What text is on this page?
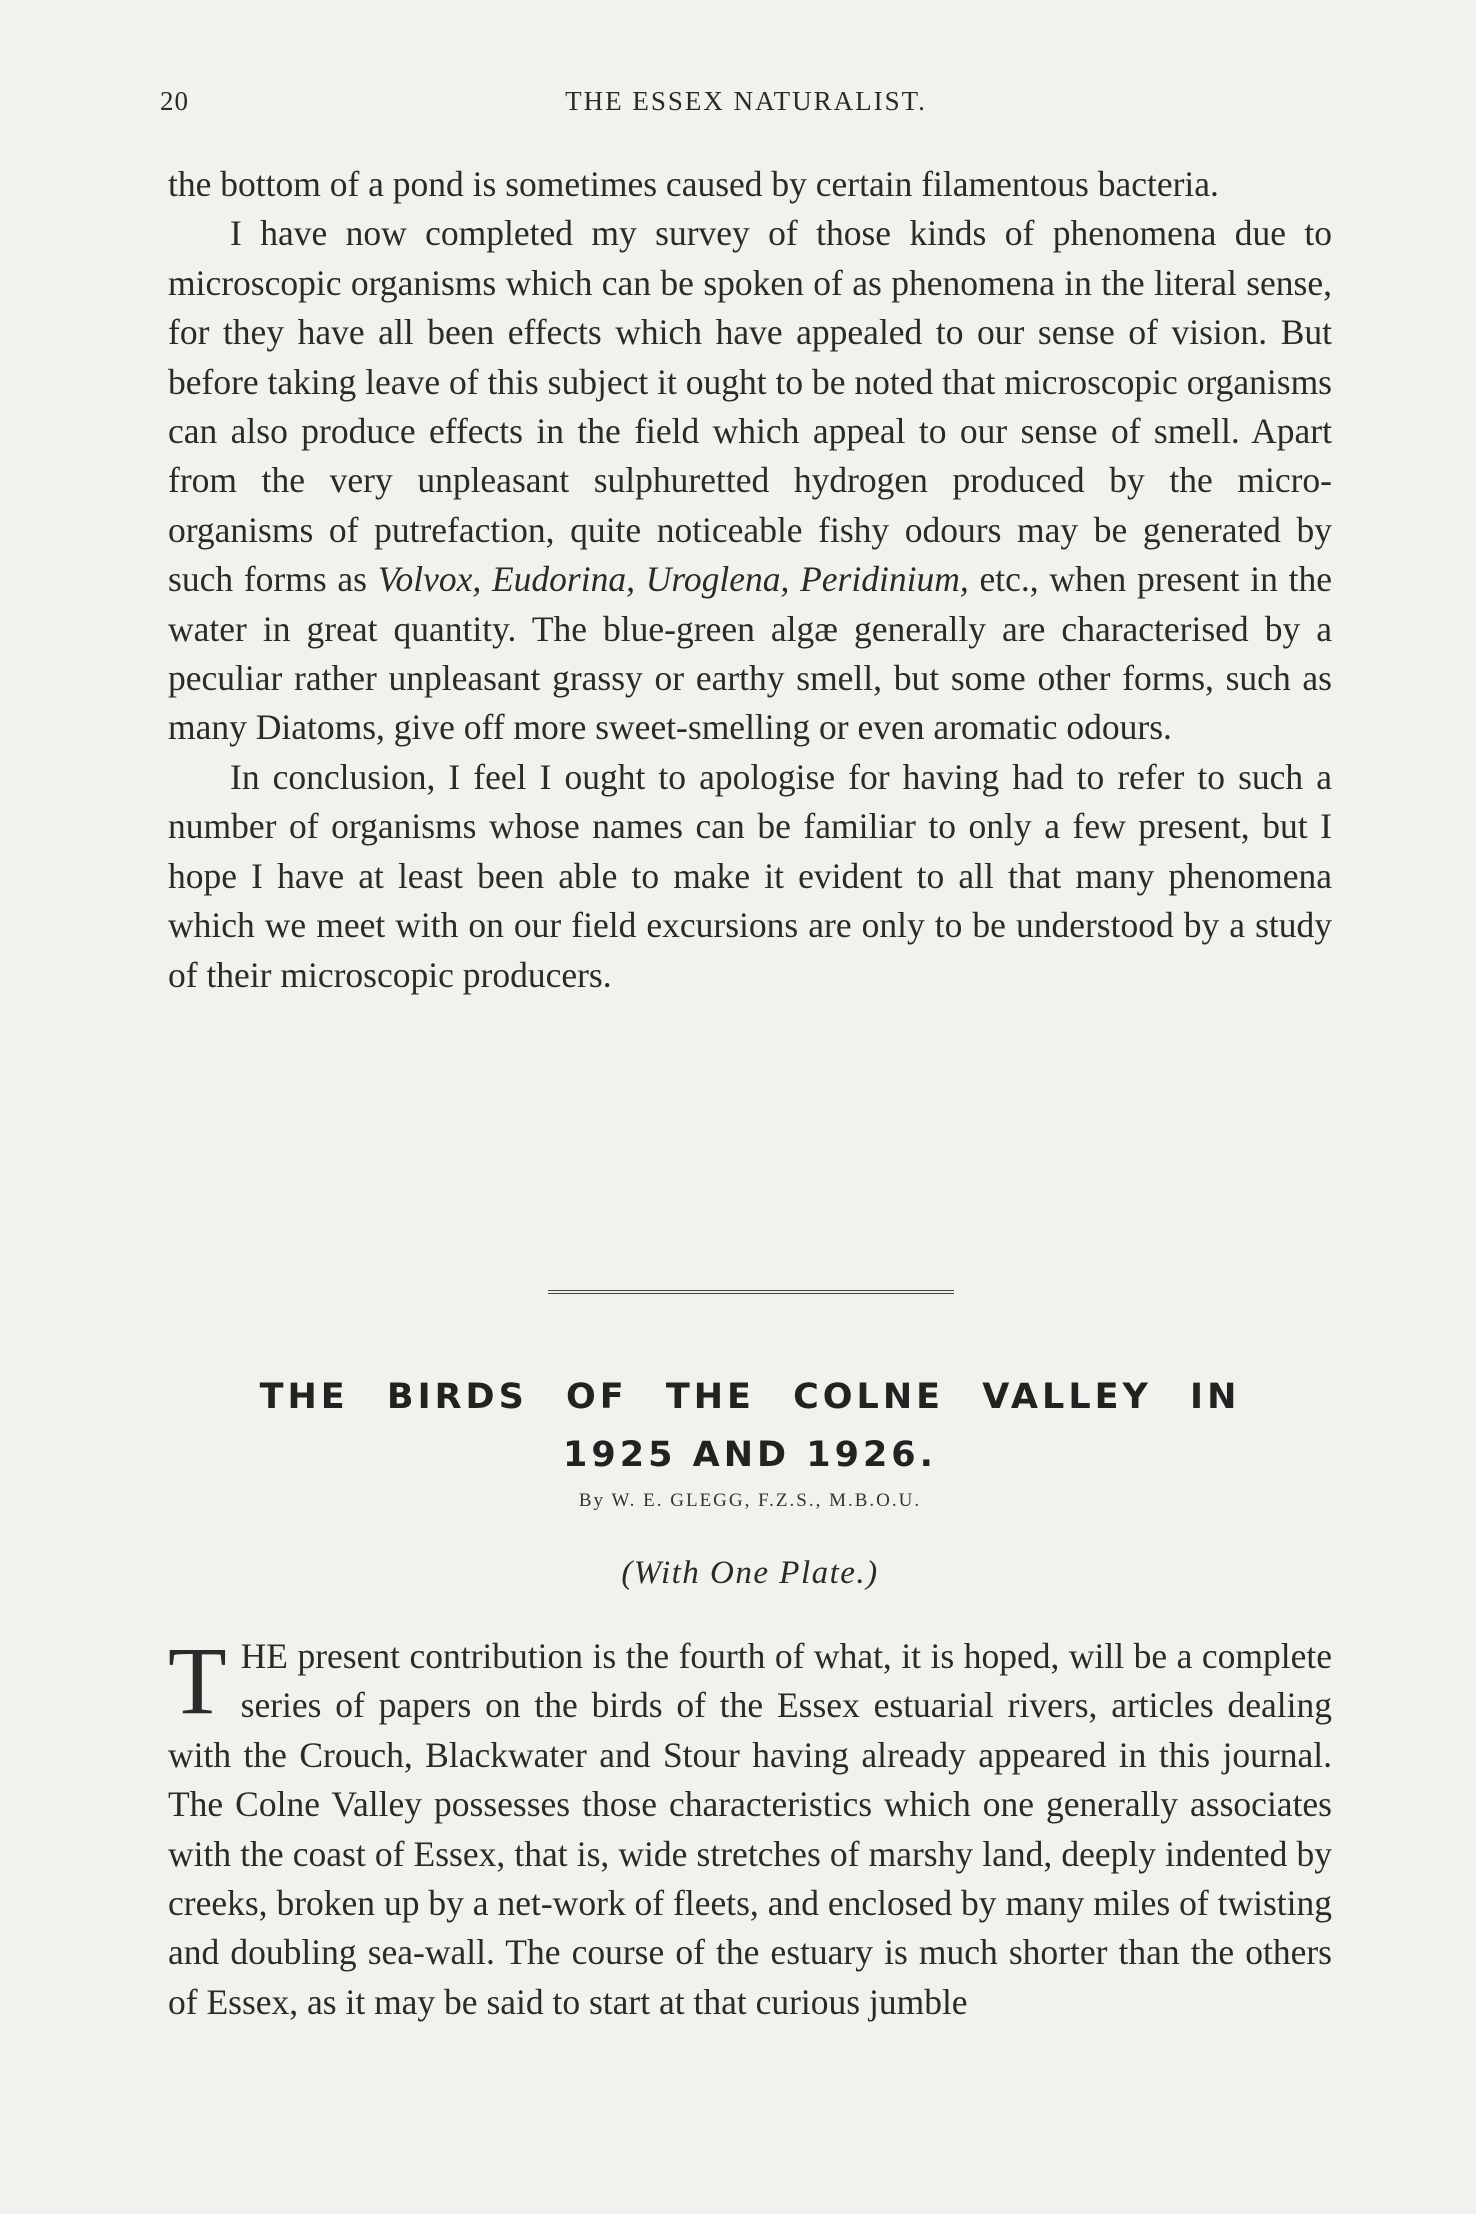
20	THE ESSEX NATURALIST.

the bottom of a pond is sometimes caused by certain filamentous bacteria.

I have now completed my survey of those kinds of phenomena due to microscopic organisms which can be spoken of as phenomena in the literal sense, for they have all been effects which have appealed to our sense of vision. But before taking leave of this subject it ought to be noted that microscopic organisms can also produce effects in the field which appeal to our sense of smell. Apart from the very unpleasant sulphuretted hydrogen produced by the micro-organisms of putrefaction, quite noticeable fishy odours may be generated by such forms as Volvox, Eudorina, Uroglena, Peridinium, etc., when present in the water in great quantity. The blue-green algæ generally are characterised by a peculiar rather unpleasant grassy or earthy smell, but some other forms, such as many Diatoms, give off more sweet-smelling or even aromatic odours.

In conclusion, I feel I ought to apologise for having had to refer to such a number of organisms whose names can be familiar to only a few present, but I hope I have at least been able to make it evident to all that many phenomena which we meet with on our field excursions are only to be understood by a study of their microscopic producers.

THE BIRDS OF THE COLNE VALLEY IN
1925 AND 1926.
By W. E. GLEGG, F.Z.S., M.B.O.U.
(With One Plate.)

THE present contribution is the fourth of what, it is hoped, will be a complete series of papers on the birds of the Essex estuarial rivers, articles dealing with the Crouch, Blackwater and Stour having already appeared in this journal. The Colne Valley possesses those characteristics which one generally associates with the coast of Essex, that is, wide stretches of marshy land, deeply indented by creeks, broken up by a net-work of fleets, and enclosed by many miles of twisting and doubling sea-wall. The course of the estuary is much shorter than the others of Essex, as it may be said to start at that curious jumble
